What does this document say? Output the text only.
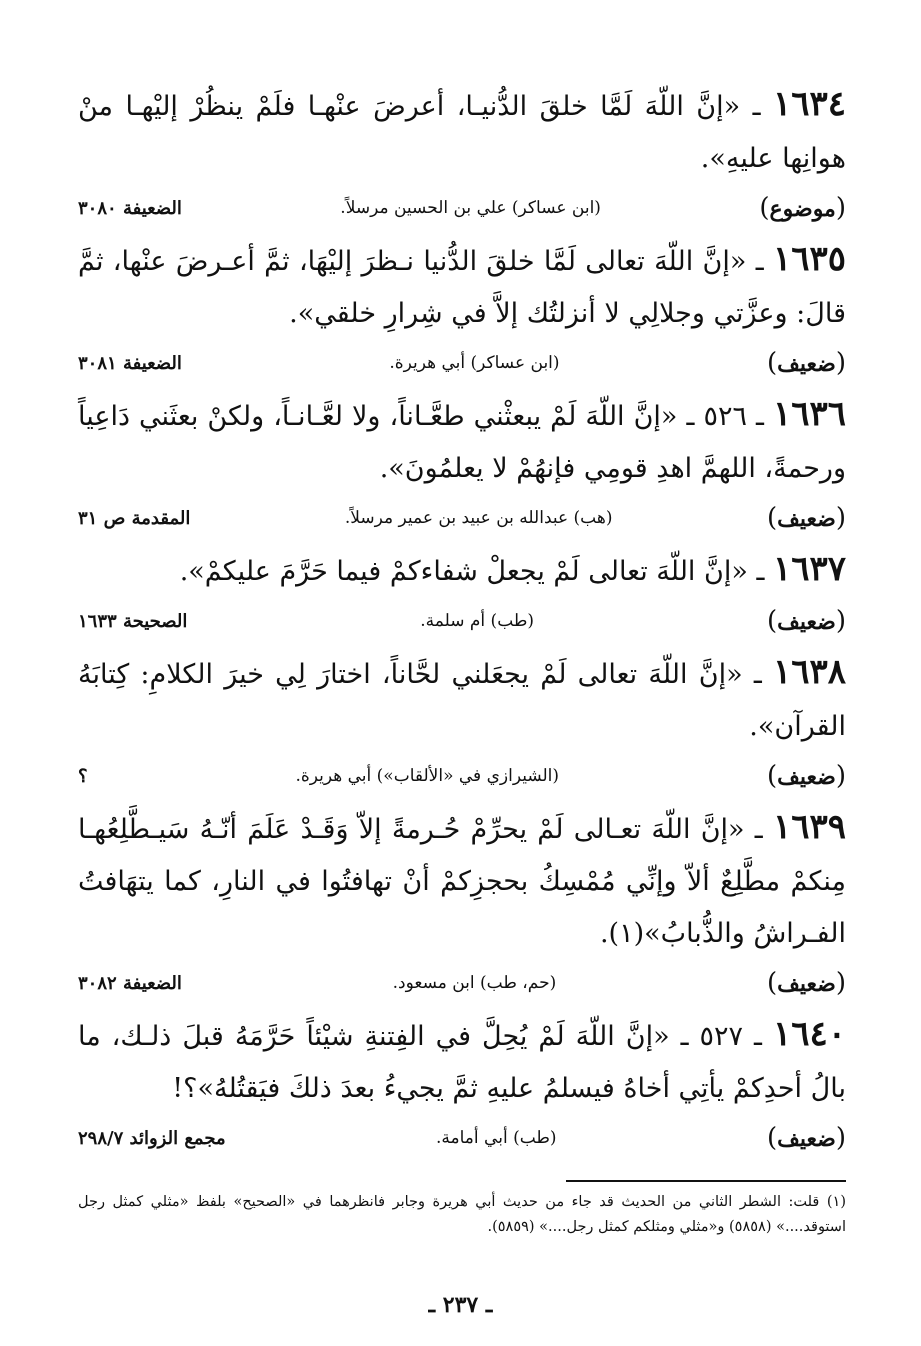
١٦٣٤ ـ «إنَّ اللّهَ لَمَّا خلقَ الدُّنيـا، أعرضَ عنْهـا فلَمْ ينظُرْ إليْهـا منْ هوانِها عليهِ».

(موضوع)
(ابن عساكر) علي بن الحسين مرسلاً.
الضعيفة ٣٠٨٠

١٦٣٥ ـ «إنَّ اللّهَ تعالى لَمَّا خلقَ الدُّنيا نـظرَ إليْهَا، ثمَّ أعـرضَ عنْها، ثمَّ قالَ: وعزَّتي وجلالِي لا أنزلتُك إلاَّ في شِرارِ خلقي».

(ضعيف)
(ابن عساكر) أبي هريرة.
الضعيفة ٣٠٨١

١٦٣٦ ـ ٥٢٦ ـ «إنَّ اللّهَ لَمْ يبعثْني طعَّـاناً، ولا لعَّـانـاً، ولكنْ بعثَني دَاعِياً ورحمةً، اللهمَّ اهدِ قومِي فإنهُمْ لا يعلمُونَ».

(ضعيف)
(هب) عبدالله بن عبيد بن عمير مرسلاً.
المقدمة ص ٣١

١٦٣٧ ـ «إنَّ اللّهَ تعالى لَمْ يجعلْ شفاءكمْ فيما حَرَّمَ عليكمْ».

(ضعيف)
(طب) أم سلمة.
الصحيحة ١٦٣٣

١٦٣٨ ـ «إنَّ اللّهَ تعالى لَمْ يجعَلني لحَّاناً، اختارَ لِي خيرَ الكلامِ: كِتابَهُ القرآن».

(ضعيف)
(الشيرازي في «الألقاب») أبي هريرة.
؟

١٦٣٩ ـ «إنَّ اللّهَ تعـالى لَمْ يحرِّمْ حُـرمةً إلاّ وَقَـدْ عَلَمَ أنّـهُ سَيـطَّلِعُهـا مِنكمْ مطَّلِعٌ ألاّ وإنِّي مُمْسِكُ بحجزِكمْ أنْ تهافتُوا في النارِ، كما يتهَافتُ الفـراشُ والذُّبابُ»(١).

(ضعيف)
(حم، طب) ابن مسعود.
الضعيفة ٣٠٨٢

١٦٤٠ ـ ٥٢٧ ـ «إنَّ اللّهَ لَمْ يُحِلَّ في الفِتنةِ شيْئاً حَرَّمَهُ قبلَ ذلـك، ما بالُ أحدِكمْ يأتِي أخاهُ فيسلمُ عليهِ ثمَّ يجيءُ بعدَ ذلكَ فيَقتُلهُ»؟!

(ضعيف)
(طب) أبي أمامة.
مجمع الزوائد ٢٩٨/٧
(١) قلت: الشطر الثاني من الحديث قد جاء من حديث أبي هريرة وجابر فانظرهما في «الصحيح» بلفظ «مثلي كمثل رجل استوقد....» (٥٨٥٨) و«مثلي ومثلكم كمثل رجل....» (٥٨٥٩).
ـ ٢٣٧ ـ
